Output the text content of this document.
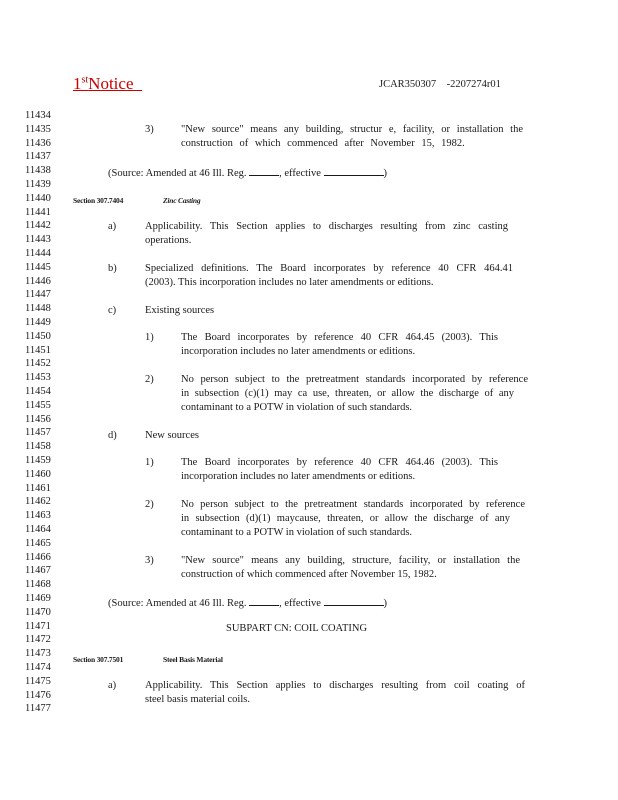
1stNotice	JCAR350307    -2207274r01
11434
11435
11436
11437
11438
11439
11440
11441
11442
11443
11444
11445
11446
11447
11448
11449
11450
11451
11452
11453
11454
11455
11456
11457
11458
11459
11460
11461
11462
11463
11464
11465
11466
11467
11468
11469
11470
11471
11472
11473
11474
11475
11476
11477
3)	"New source" means any building, structur e, facility, or installation the
construction of which commenced after November 15, 1982.
(Source: Amended at 46 Ill. Reg.	, effective	)
Section 307.7404	Zinc Casting
a)	Applicability. This Section applies to discharges resulting from zinc casting
operations.
b)	Specialized definitions. The Board incorporates by reference 40 CFR 464.41
(2003). This incorporation includes no later amendments or editions.
c)	Existing sources
1)	The Board incorporates by reference 40 CFR 464.45 (2003). This
incorporation includes no later amendments or editions.
2)	No person subject to the pretreatment standards incorporated by reference
in subsection (c)(1) may ca use, threaten, or allow the discharge of any
contaminant to a POTW in violation of such standards.
d)	New sources
1)	The Board incorporates by reference 40 CFR 464.46 (2003). This
incorporation includes no later amendments or editions.
2)	No person subject to the pretreatment standards incorporated by reference
in subsection (d)(1) maycause, threaten, or allow the discharge of any
contaminant to a POTW in violation of such standards.
3)	"New source" means any building, structure, facility, or installation the
construction of which commenced after November 15, 1982.
(Source: Amended at 46 Ill. Reg.	, effective	)
SUBPART CN: COIL COATING
Section 307.7501	Steel Basis Material
a)	Applicability. This Section applies to discharges resulting from coil coating of
steel basis material coils.
